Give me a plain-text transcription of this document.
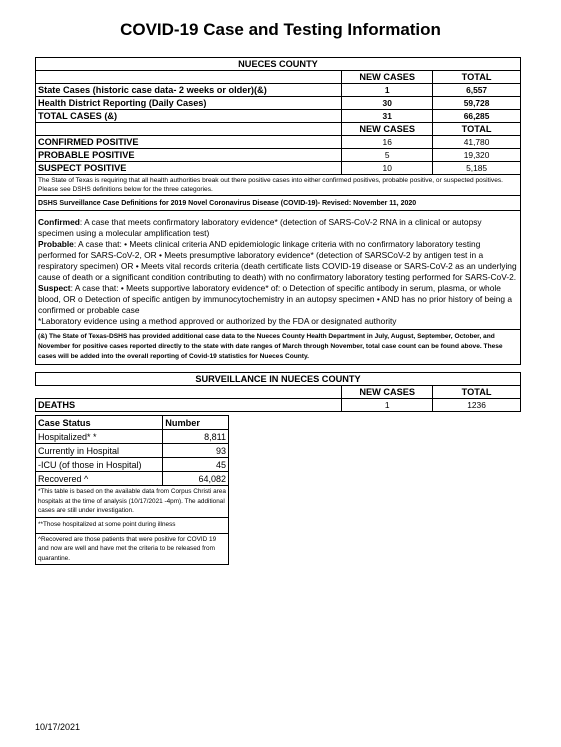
COVID-19 Case and Testing Information
NUECES COUNTY		
	NEW CASES	TOTAL
State Cases (historic case data- 2 weeks or older)(&)	1	6,557
Health District Reporting (Daily Cases)	30	59,728
TOTAL CASES (&)	31	66,285
	NEW CASES	TOTAL
CONFIRMED POSITIVE	16	41,780
PROBABLE POSITIVE	5	19,320
SUSPECT POSITIVE	10	5,185
The State of Texas is requiring that all health authorities break out there positive cases into either confirmed positives, probable positive, or suspected positives. Please see DSHS definitions below for the three categories.		
DSHS Surveillance Case Definitions for 2019 Novel Coronavirus Disease (COVID-19)- Revised: November 11, 2020		

Confirmed: A case that meets confirmatory laboratory evidence* (detection of SARS-CoV-2 RNA in a clinical or autopsy specimen using a molecular amplification test)

Probable: A case that: • Meets clinical criteria AND epidemiologic linkage criteria with no confirmatory laboratory testing performed for SARS-CoV-2, OR • Meets presumptive laboratory evidence* (detection of SARSCoV-2 by antigen test in a respiratory specimen) OR • Meets vital records criteria (death certificate lists COVID-19 disease or SARS-CoV-2 as an underlying cause of death or a significant condition contributing to death) with no confirmatory laboratory testing performed for SARS-CoV-2.

Suspect: A case that: • Meets supportive laboratory evidence* of: o Detection of specific antibody in serum, plasma, or whole blood, OR o Detection of specific antigen by immunocytochemistry in an autopsy specimen • AND has no prior history of being a confirmed or probable case

*Laboratory evidence using a method approved or authorized by the FDA or designated authority		

(&) The State of Texas-DSHS has provided additional case data to the Nueces County Health Department in July, August, September, October, and November for positive cases reported directly to the state with date ranges of March through November, total case count can be found above. These cases will be added into the overall reporting of Covid-19 statistics for Nueces County.		
SURVEILLANCE IN NUECES COUNTY		
	NEW CASES	TOTAL
DEATHS	1	1236
Case Status	Number
Hospitalized* *	8,811
Currently in Hospital	93
-ICU (of those in Hospital)	45
Recovered ^	64,082
*This table is based on the available data from Corpus Christi area hospitals at the time of analysis (10/17/2021 -4pm). The additional cases are still under investigation.	
**Those hospitalized at some point during illness	
^Recovered are those patients that were positive for COVID 19 and now are well and have met the criteria to be released from quarantine.	
10/17/2021
